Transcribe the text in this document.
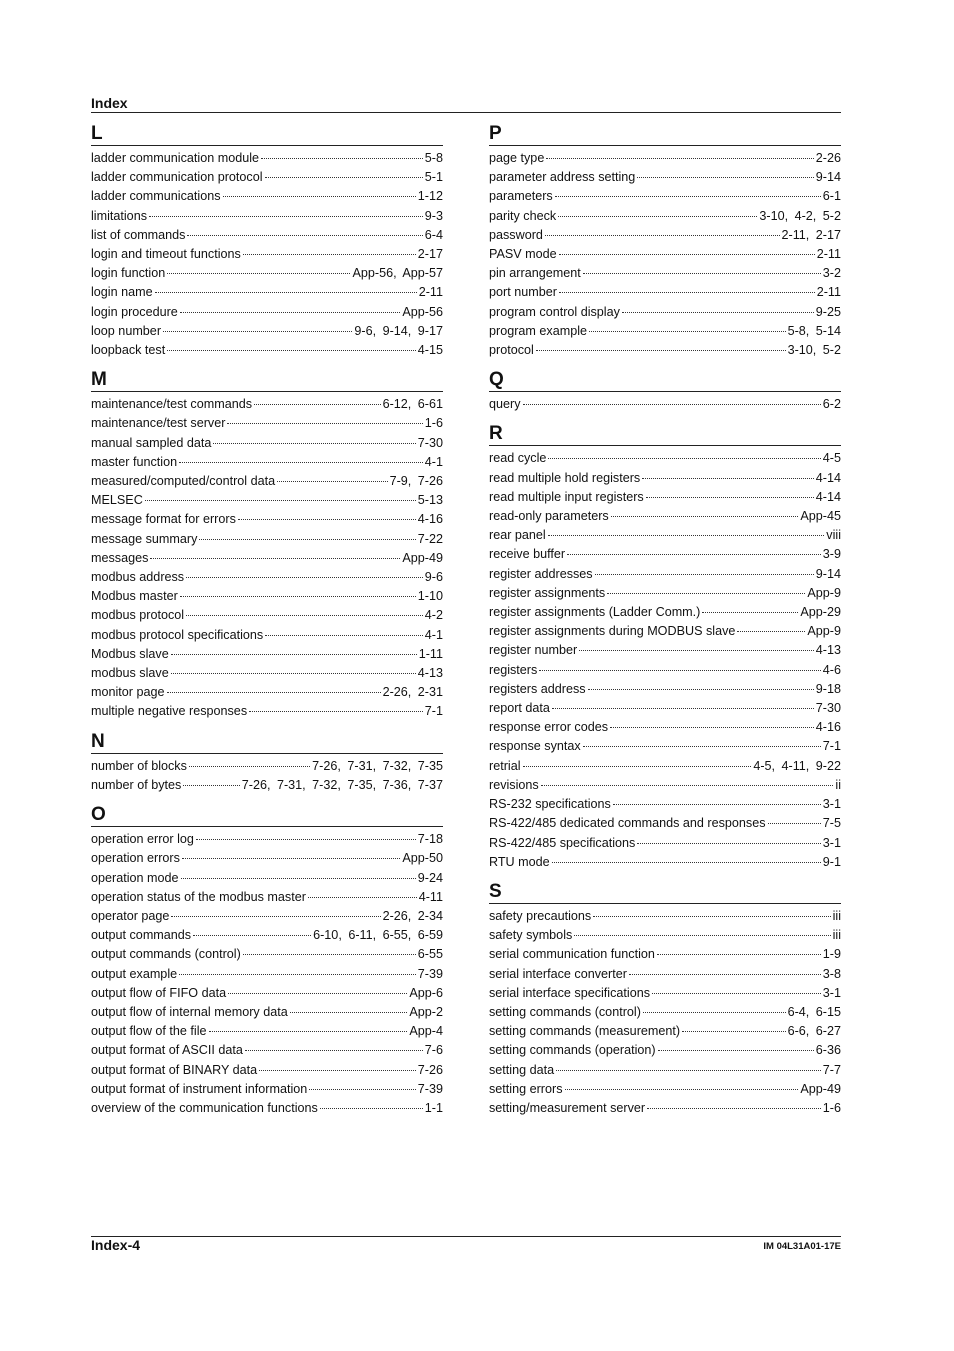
Index
L
ladder communication module	5-8
ladder communication protocol	5-1
ladder communications	1-12
limitations	9-3
list of commands	6-4
login and timeout functions	2-17
login function	App-56, App-57
login name	2-11
login procedure	App-56
loop number	9-6, 9-14, 9-17
loopback test	4-15
M
maintenance/test commands	6-12, 6-61
maintenance/test server	1-6
manual sampled data	7-30
master function	4-1
measured/computed/control data	7-9, 7-26
MELSEC	5-13
message format for errors	4-16
message summary	7-22
messages	App-49
modbus address	9-6
Modbus master	1-10
modbus protocol	4-2
modbus protocol specifications	4-1
Modbus slave	1-11
modbus slave	4-13
monitor page	2-26, 2-31
multiple negative responses	7-1
N
number of blocks	7-26, 7-31, 7-32, 7-35
number of bytes	7-26, 7-31, 7-32, 7-35, 7-36, 7-37
O
operation error log	7-18
operation errors	App-50
operation mode	9-24
operation status of the modbus master	4-11
operator page	2-26, 2-34
output commands	6-10, 6-11, 6-55, 6-59
output commands (control)	6-55
output example	7-39
output flow of FIFO data	App-6
output flow of internal memory data	App-2
output flow of the file	App-4
output format of ASCII data	7-6
output format of BINARY data	7-26
output format of instrument information	7-39
overview of the communication functions	1-1
P
page type	2-26
parameter address setting	9-14
parameters	6-1
parity check	3-10, 4-2, 5-2
password	2-11, 2-17
PASV mode	2-11
pin arrangement	3-2
port number	2-11
program control display	9-25
program example	5-8, 5-14
protocol	3-10, 5-2
Q
query	6-2
R
read cycle	4-5
read multiple hold registers	4-14
read multiple input registers	4-14
read-only parameters	App-45
rear panel	viii
receive buffer	3-9
register addresses	9-14
register assignments	App-9
register assignments (Ladder Comm.)	App-29
register assignments during MODBUS slave	App-9
register number	4-13
registers	4-6
registers address	9-18
report data	7-30
response error codes	4-16
response syntax	7-1
retrial	4-5, 4-11, 9-22
revisions	ii
RS-232 specifications	3-1
RS-422/485 dedicated commands and responses	7-5
RS-422/485 specifications	3-1
RTU mode	9-1
S
safety precautions	iii
safety symbols	iii
serial communication function	1-9
serial interface converter	3-8
serial interface specifications	3-1
setting commands (control)	6-4, 6-15
setting commands (measurement)	6-6, 6-27
setting commands (operation)	6-36
setting data	7-7
setting errors	App-49
setting/measurement server	1-6
Index-4	IM 04L31A01-17E
